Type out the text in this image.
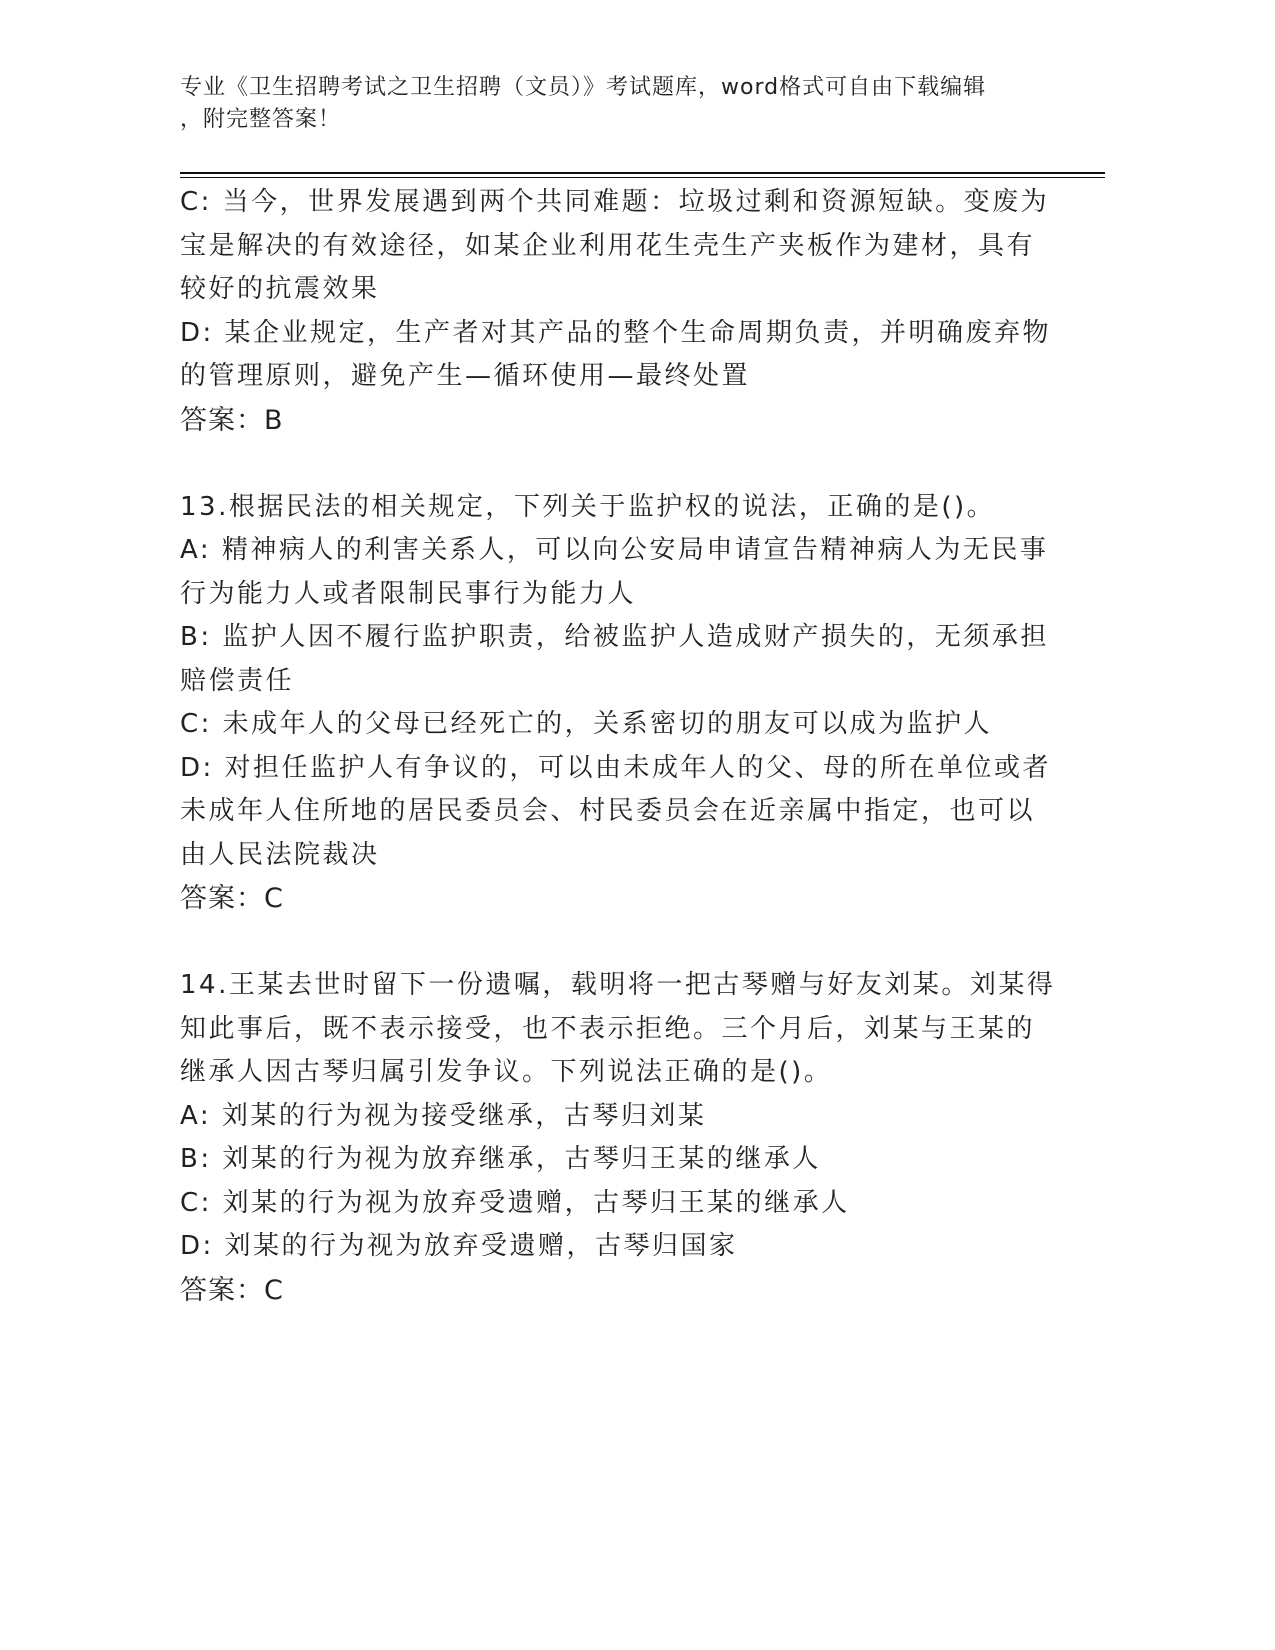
专业《卫生招聘考试之卫生招聘（文员）》考试题库，word格式可自由下载编辑
，附完整答案！

C: 当今，世界发展遇到两个共同难题：垃圾过剩和资源短缺。变废为

宝是解决的有效途径，如某企业利用花生壳生产夹板作为建材，具有

较好的抗震效果

D: 某企业规定，生产者对其产品的整个生命周期负责，并明确废弃物

的管理原则，避免产生—循环使用—最终处置

答案：B

13.根据民法的相关规定，下列关于监护权的说法，正确的是()。

A: 精神病人的利害关系人，可以向公安局申请宣告精神病人为无民事

行为能力人或者限制民事行为能力人

B: 监护人因不履行监护职责，给被监护人造成财产损失的，无须承担

赔偿责任

C: 未成年人的父母已经死亡的，关系密切的朋友可以成为监护人

D: 对担任监护人有争议的，可以由未成年人的父、母的所在单位或者

未成年人住所地的居民委员会、村民委员会在近亲属中指定，也可以

由人民法院裁决

答案：C

14.王某去世时留下一份遗嘱，载明将一把古琴赠与好友刘某。刘某得

知此事后，既不表示接受，也不表示拒绝。三个月后，刘某与王某的

继承人因古琴归属引发争议。下列说法正确的是()。

A: 刘某的行为视为接受继承，古琴归刘某

B: 刘某的行为视为放弃继承，古琴归王某的继承人

C: 刘某的行为视为放弃受遗赠，古琴归王某的继承人

D: 刘某的行为视为放弃受遗赠，古琴归国家

答案：C
